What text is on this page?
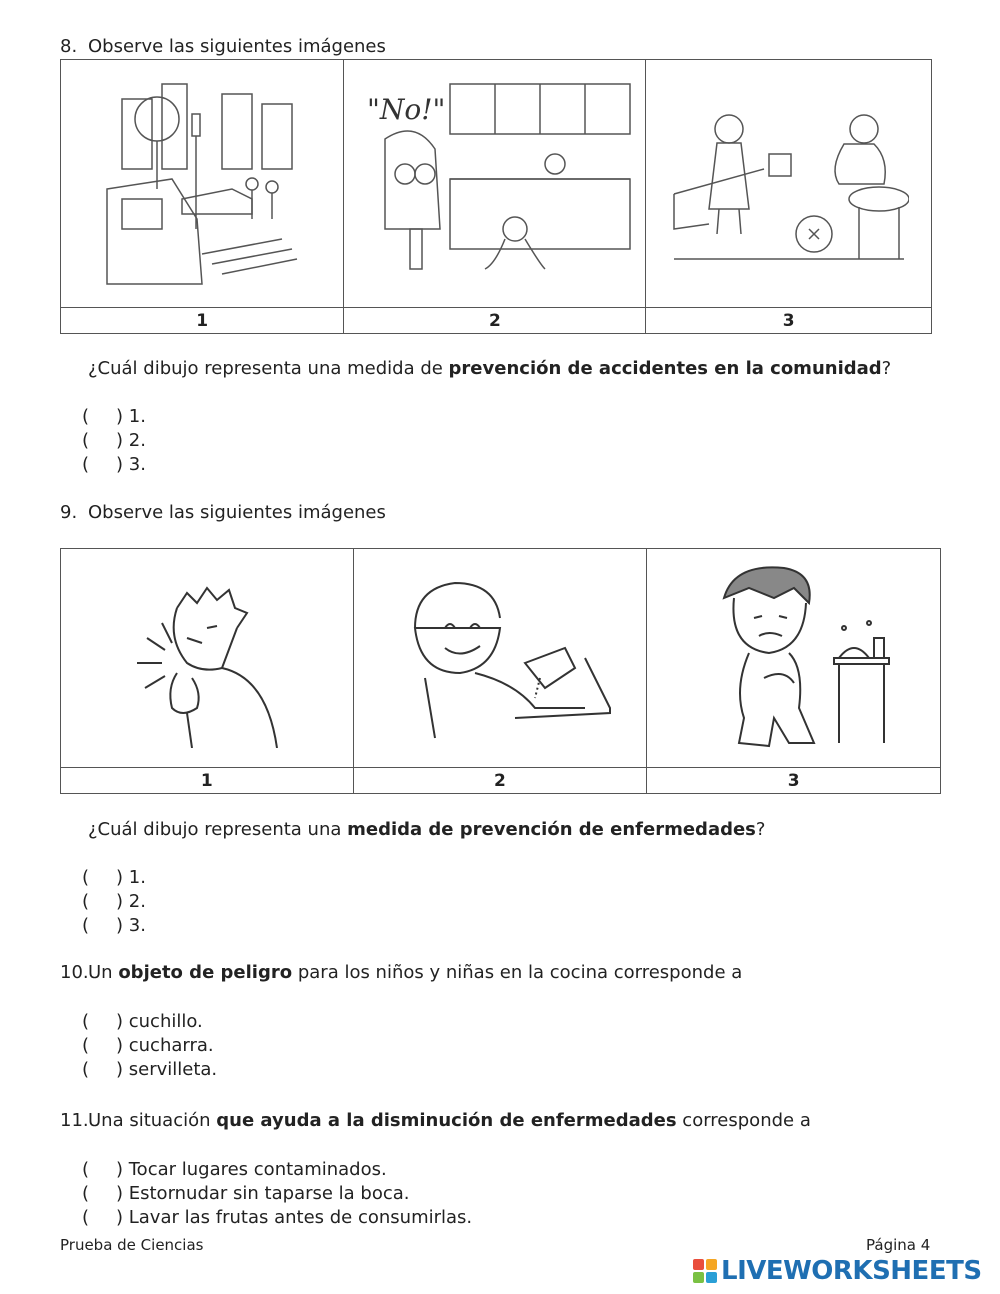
8. Observe las siguientes imágenes

"No!"

1	2	3
¿Cuál dibujo representa una medida de prevención de accidentes en la comunidad?
( ) 1.
( ) 2.
( ) 3.
9. Observe las siguientes imágenes

1	2	3
¿Cuál dibujo representa una medida de prevención de enfermedades?
( ) 1.
( ) 2.
( ) 3.
10.Un objeto de peligro para los niños y niñas en la cocina corresponde a
( ) cuchillo.
( ) cucharra.
( ) servilleta.
11.Una situación que ayuda a la disminución de enfermedades corresponde a
( ) Tocar lugares contaminados.
( ) Estornudar sin taparse la boca.
( ) Lavar las frutas antes de consumirlas.
Prueba de Ciencias	Página 4
LIVEWORKSHEETS
